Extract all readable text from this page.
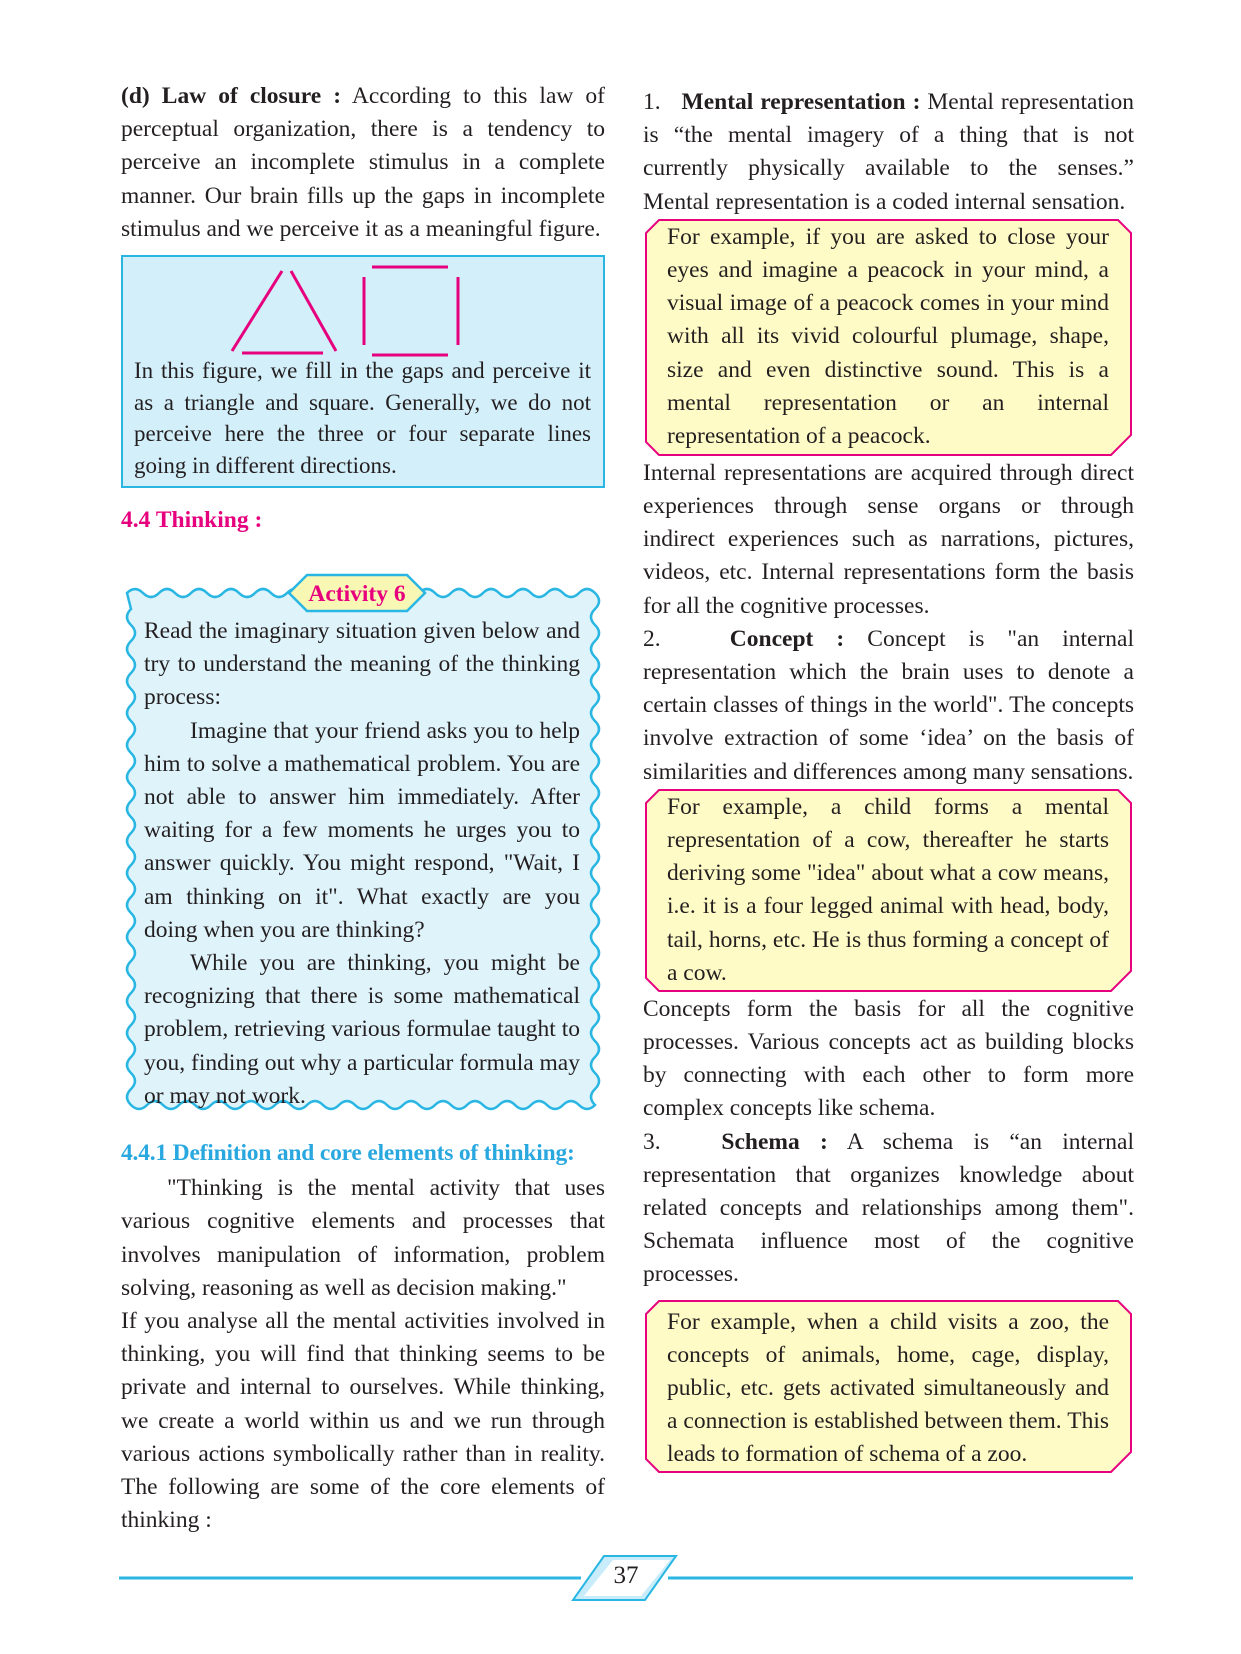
(d) Law of closure : According to this law of perceptual organization, there is a tendency to perceive an incomplete stimulus in a complete manner. Our brain fills up the gaps in incomplete stimulus and we perceive it as a meaningful figure.

In this figure, we fill in the gaps and perceive it as a triangle and square. Generally, we do not perceive here the three or four separate lines going in different directions.

4.4 Thinking :
Activity 6

Read the imaginary situation given below and try to understand the meaning of the thinking process:

Imagine that your friend asks you to help him to solve a mathematical problem. You are not able to answer him immediately. After waiting for a few moments he urges you to answer quickly. You might respond, "Wait, I am thinking on it". What exactly are you doing when you are thinking?

While you are thinking, you might be recognizing that there is some mathematical problem, retrieving various formulae taught to you, finding out why a particular formula may or may not work.

4.4.1 Definition and core elements of thinking:

"Thinking is the mental activity that uses various cognitive elements and processes that involves manipulation of information, problem solving, reasoning as well as decision making."

If you analyse all the mental activities involved in thinking, you will find that thinking seems to be private and internal to ourselves. While thinking, we create a world within us and we run through various actions symbolically rather than in reality. The following are some of the core elements of thinking :

1. Mental representation : Mental representation is “the mental imagery of a thing that is not currently physically available to the senses.” Mental representation is a coded internal sensation.

For example, if you are asked to close your eyes and imagine a peacock in your mind, a visual image of a peacock comes in your mind with all its vivid colourful plumage, shape, size and even distinctive sound. This is a mental representation or an internal representation of a peacock.

Internal representations are acquired through direct experiences through sense organs or through indirect experiences such as narrations, pictures, videos, etc. Internal representations form the basis for all the cognitive processes.

2.	Concept : Concept is "an internal representation which the brain uses to denote a certain classes of things in the world". The concepts involve extraction of some ‘idea’ on the basis of similarities and differences among many sensations.

For example, a child forms a mental representation of a cow, thereafter he starts deriving some "idea" about what a cow means, i.e. it is a four legged animal with head, body, tail, horns, etc. He is thus forming a concept of a cow.

Concepts form the basis for all the cognitive processes. Various concepts act as building blocks by connecting with each other to form more complex concepts like schema.

3.	Schema : A schema is “an internal representation that organizes knowledge about related concepts and relationships among them". Schemata influence most of the cognitive processes.

For example, when a child visits a zoo, the concepts of animals, home, cage, display, public, etc. gets activated simultaneously and a connection is established between them. This leads to formation of schema of a zoo.

37
